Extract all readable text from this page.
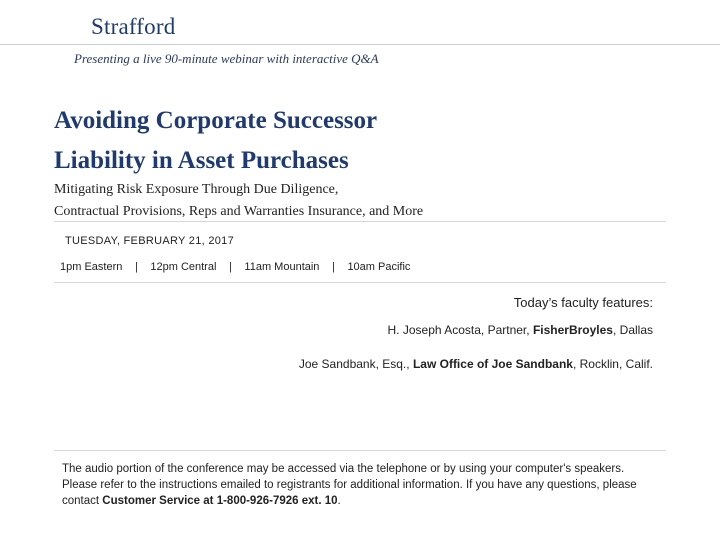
Strafford
Presenting a live 90-minute webinar with interactive Q&A
Avoiding Corporate Successor
Liability in Asset Purchases
Mitigating Risk Exposure Through Due Diligence,
Contractual Provisions, Reps and Warranties Insurance, and More
TUESDAY, FEBRUARY 21, 2017
1pm Eastern | 12pm Central | 11am Mountain | 10am Pacific
Today’s faculty features:
H. Joseph Acosta, Partner, FisherBroyles, Dallas
Joe Sandbank, Esq., Law Office of Joe Sandbank, Rocklin, Calif.
The audio portion of the conference may be accessed via the telephone or by using your computer's speakers. Please refer to the instructions emailed to registrants for additional information. If you have any questions, please contact Customer Service at 1-800-926-7926 ext. 10.
